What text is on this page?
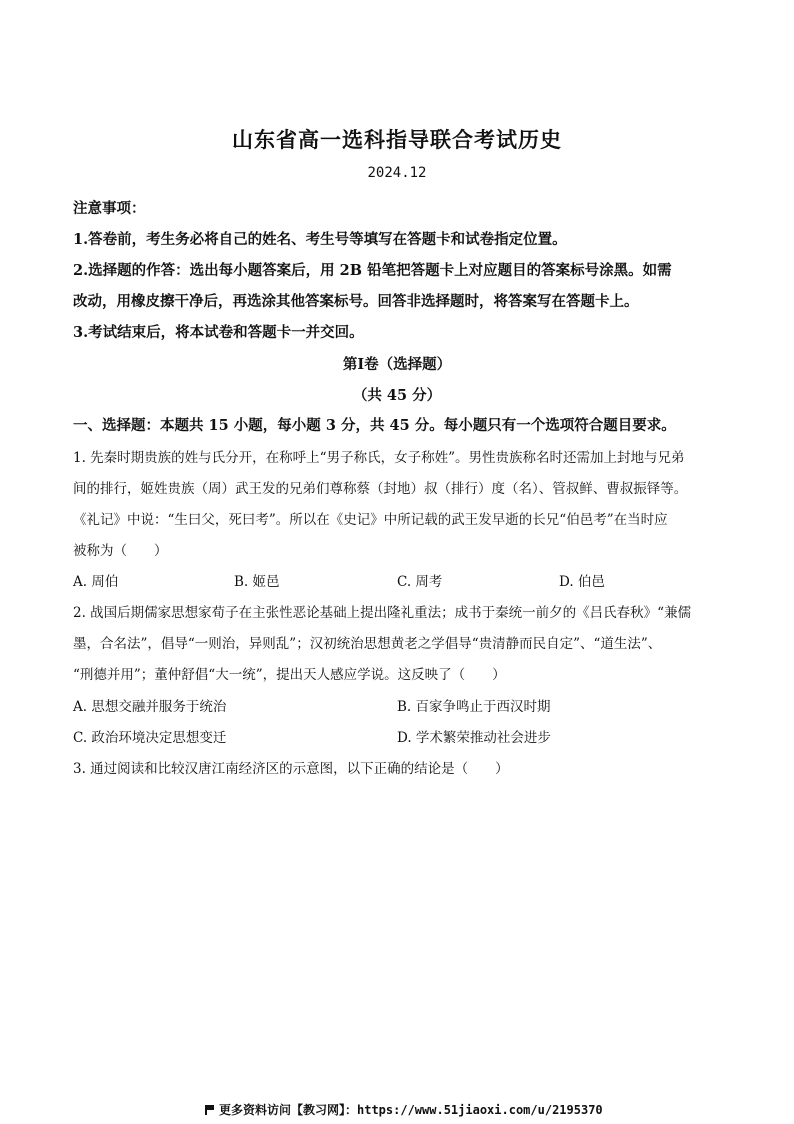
山东省高一选科指导联合考试历史
2024.12
注意事项：
1.答卷前，考生务必将自己的姓名、考生号等填写在答题卡和试卷指定位置。
2.选择题的作答：选出每小题答案后，用 2B 铅笔把答题卡上对应题目的答案标号涂黑。如需
改动，用橡皮擦干净后，再选涂其他答案标号。回答非选择题时，将答案写在答题卡上。
3.考试结束后，将本试卷和答题卡一并交回。
第Ⅰ卷（选择题）
（共 45 分）
一、选择题：本题共 15 小题，每小题 3 分，共 45 分。每小题只有一个选项符合题目要求。
1. 先秦时期贵族的姓与氏分开，在称呼上“男子称氏，女子称姓”。男性贵族称名时还需加上封地与兄弟
间的排行，姬姓贵族（周）武王发的兄弟们尊称蔡（封地）叔（排行）度（名）、管叔鲜、曹叔振铎等。
《礼记》中说：“生曰父，死曰考”。所以在《史记》中所记载的武王发早逝的长兄“伯邑考”在当时应
被称为（　　）
A. 周伯	B. 姬邑	C. 周考	D. 伯邑
2. 战国后期儒家思想家荀子在主张性恶论基础上提出隆礼重法；成书于秦统一前夕的《吕氏春秋》“兼儒
墨，合名法”，倡导“一则治，异则乱”；汉初统治思想黄老之学倡导“贵清静而民自定”、“道生法”、
“刑德并用”；董仲舒倡“大一统”，提出天人感应学说。这反映了（　　）
A. 思想交融并服务于统治	B. 百家争鸣止于西汉时期
C. 政治环境决定思想变迁	D. 学术繁荣推动社会进步
3. 通过阅读和比较汉唐江南经济区的示意图，以下正确的结论是（　　）
更多资料访问【教习网】：https://www.51jiaoxi.com/u/2195370
